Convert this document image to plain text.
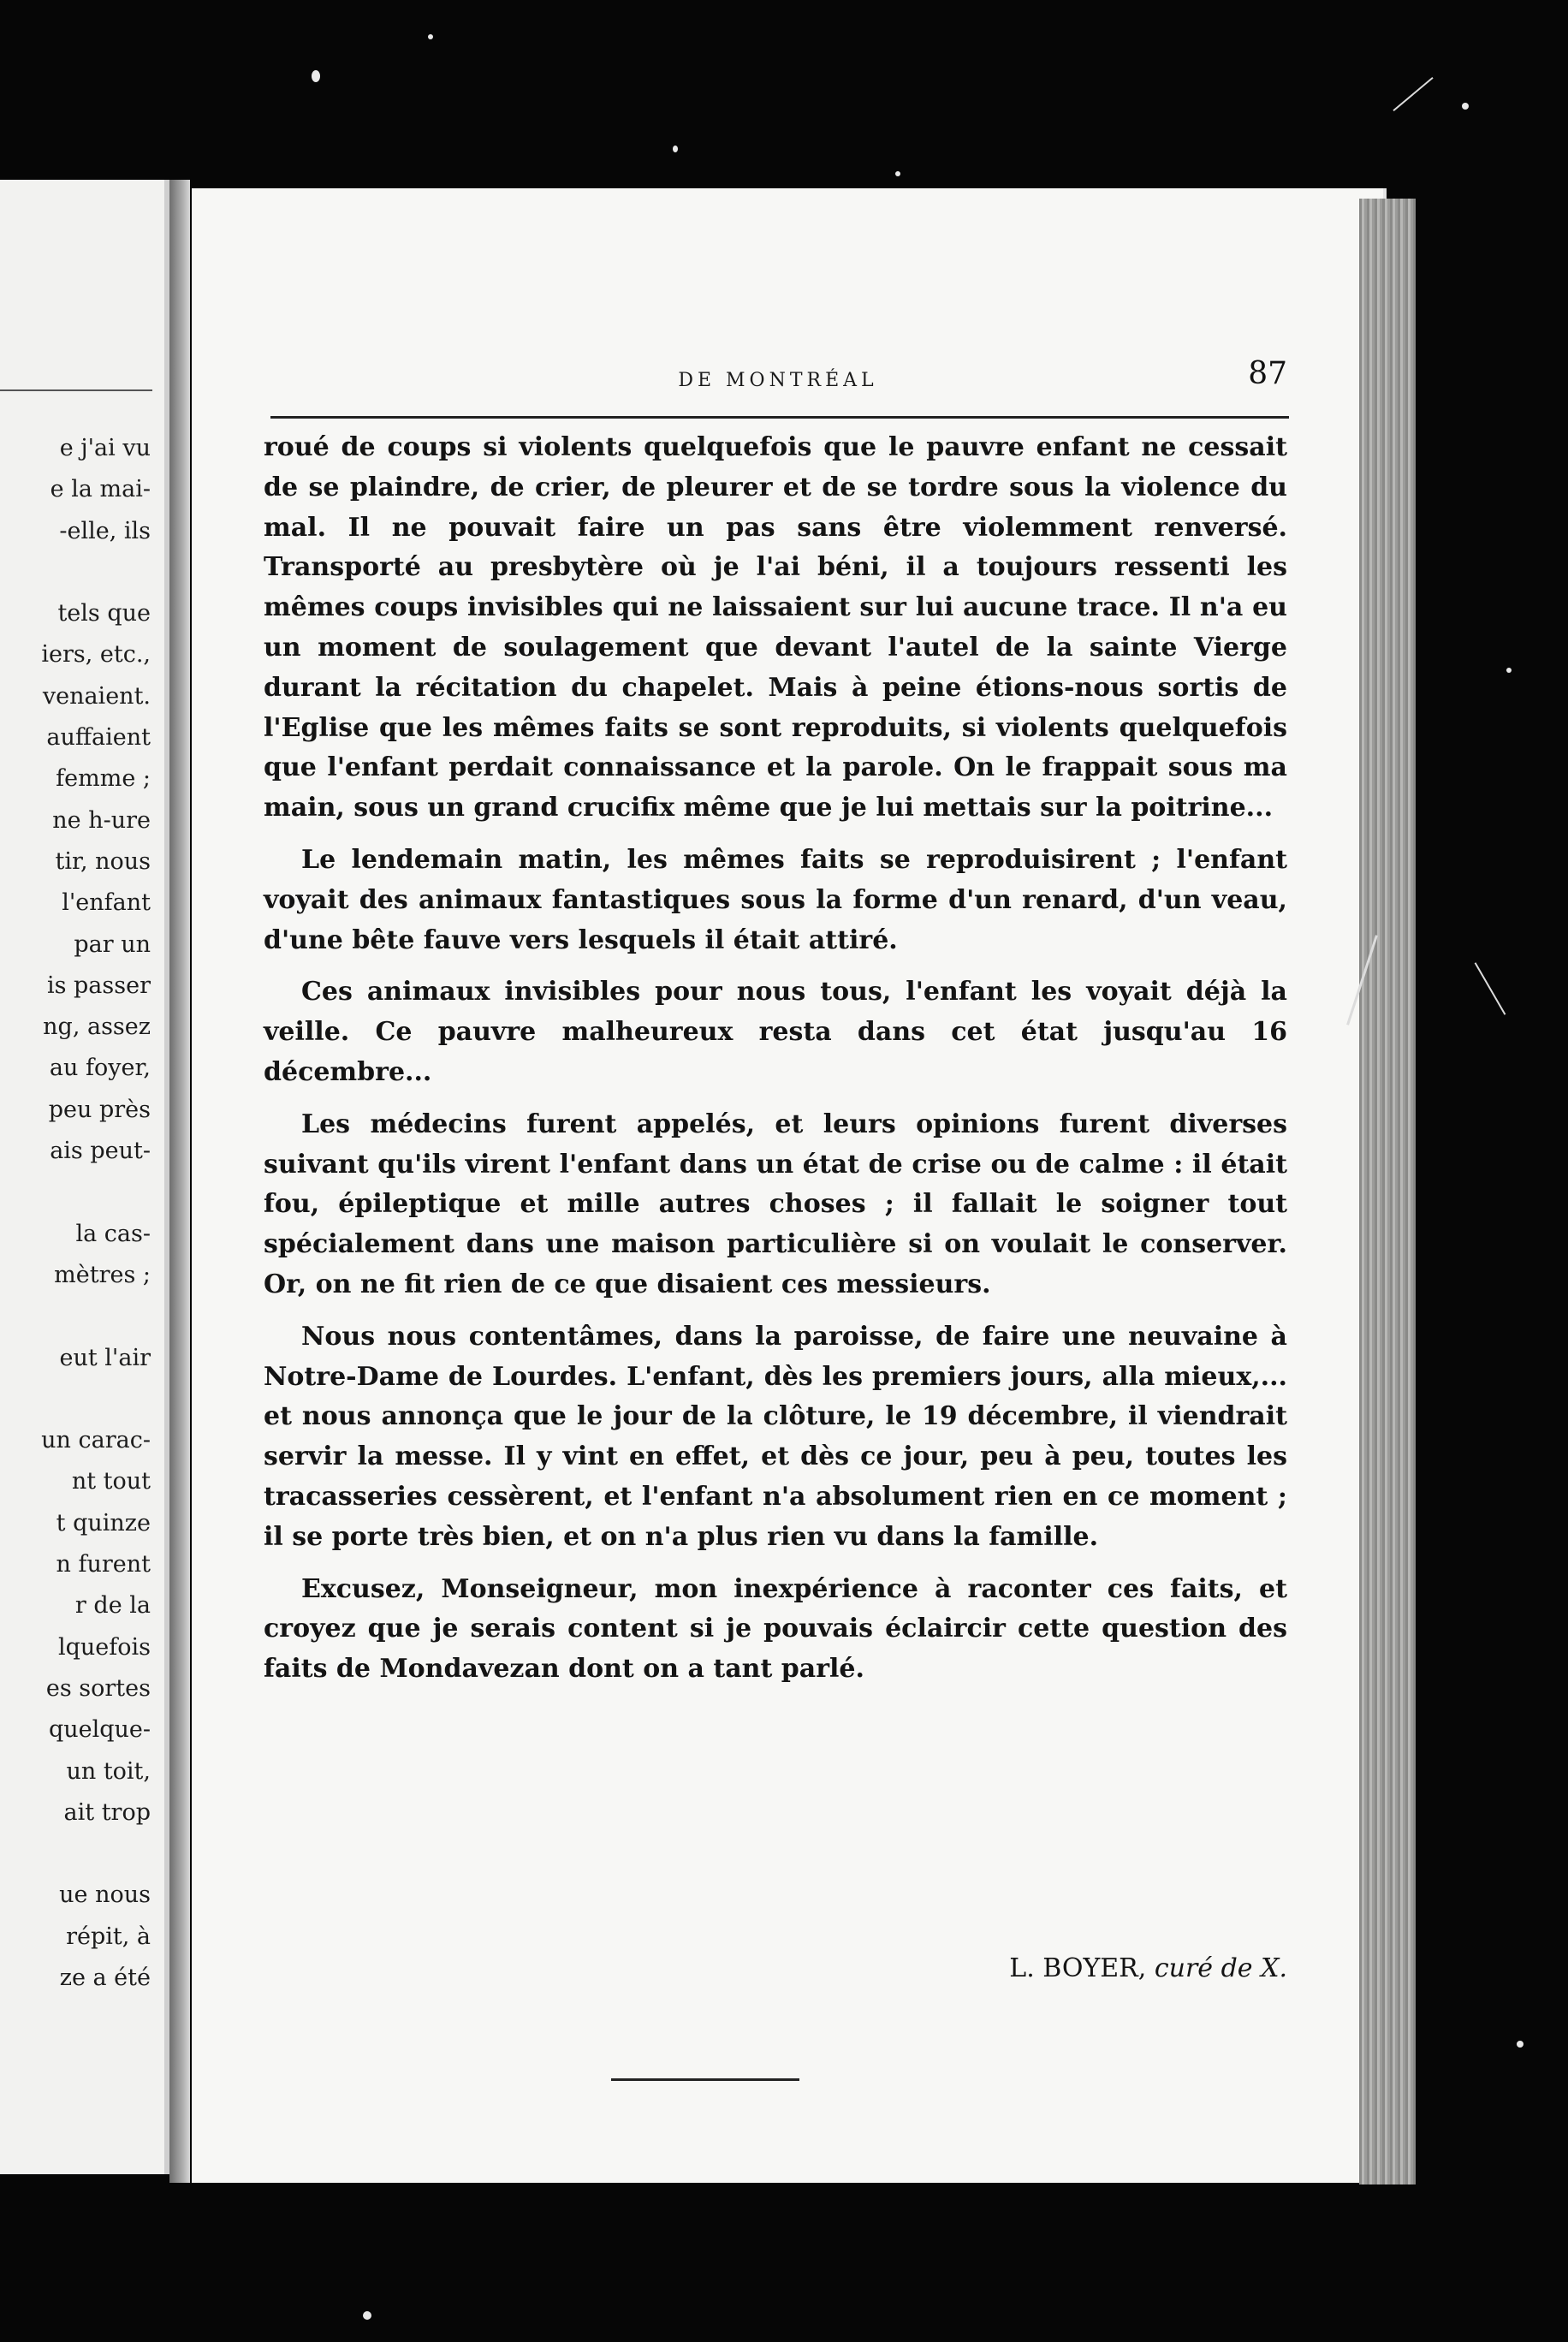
e j'ai vu
e la mai-
-elle, ils

tels que
iers, etc.,
venaient.
auffaient
femme ;
ne h-ure
tir, nous
l'enfant
par un
is passer
ng, assez
au foyer,
peu près
ais peut-

la cas-
mètres ;

eut l'air

un carac-
nt tout
t quinze
n furent
r de la
lquefois
es sortes
quelque-
un toit,
ait trop

ue nous
répit, à
ze a été
DE MONTRÉAL	87

roué de coups si violents quelquefois que le pauvre enfant ne cessait de se plaindre, de crier, de pleurer et de se tordre sous la violence du mal. Il ne pouvait faire un pas sans être violemment renversé. Transporté au presbytère où je l'ai béni, il a toujours ressenti les mêmes coups invisibles qui ne laissaient sur lui aucune trace. Il n'a eu un moment de soulagement que devant l'autel de la sainte Vierge durant la récitation du chapelet. Mais à peine étions-nous sortis de l'Eglise que les mêmes faits se sont reproduits, si violents quelquefois que l'enfant perdait connaissance et la parole. On le frappait sous ma main, sous un grand crucifix même que je lui mettais sur la poitrine...

Le lendemain matin, les mêmes faits se reproduisirent ; l'enfant voyait des animaux fantastiques sous la forme d'un renard, d'un veau, d'une bête fauve vers lesquels il était attiré.

Ces animaux invisibles pour nous tous, l'enfant les voyait déjà la veille. Ce pauvre malheureux resta dans cet état jusqu'au 16 décembre...

Les médecins furent appelés, et leurs opinions furent diverses suivant qu'ils virent l'enfant dans un état de crise ou de calme : il était fou, épileptique et mille autres choses ; il fallait le soigner tout spécialement dans une maison particulière si on voulait le conserver. Or, on ne fit rien de ce que disaient ces messieurs.

Nous nous contentâmes, dans la paroisse, de faire une neuvaine à Notre-Dame de Lourdes. L'enfant, dès les premiers jours, alla mieux,... et nous annonça que le jour de la clôture, le 19 décembre, il viendrait servir la messe. Il y vint en effet, et dès ce jour, peu à peu, toutes les tracasseries cessèrent, et l'enfant n'a absolument rien en ce moment ; il se porte très bien, et on n'a plus rien vu dans la famille.

Excusez, Monseigneur, mon inexpérience à raconter ces faits, et croyez que je serais content si je pouvais éclaircir cette question des faits de Mondavezan dont on a tant parlé.

L. BOYER, curé de X.
